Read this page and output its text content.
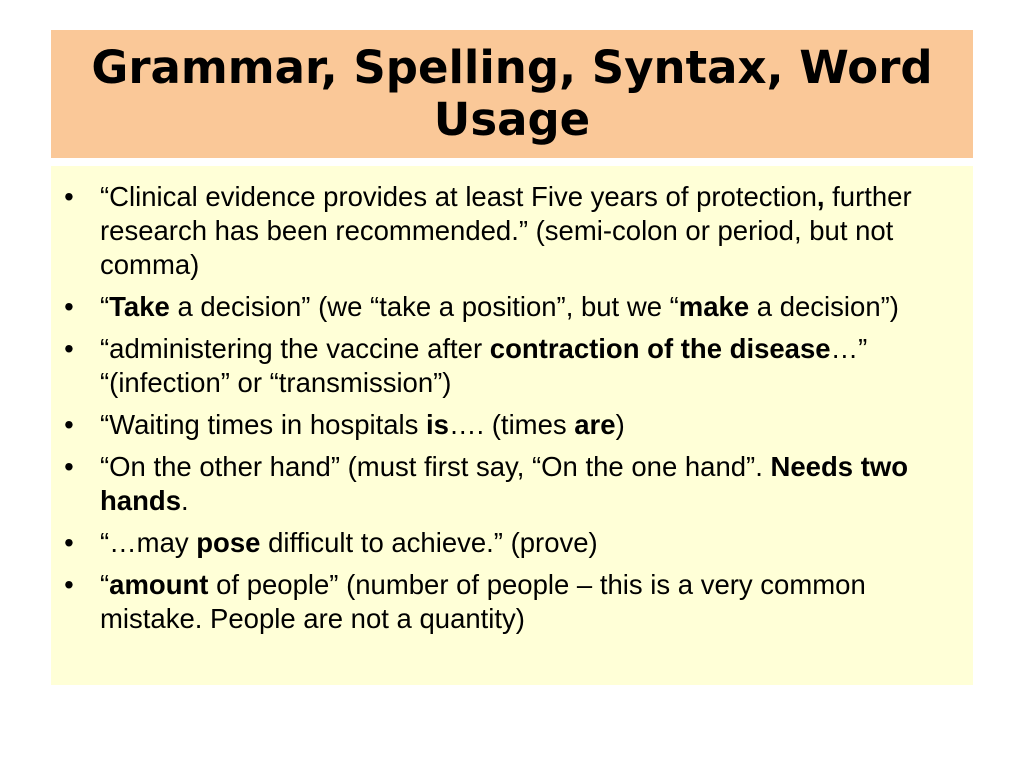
Grammar, Spelling, Syntax, Word Usage
• “Clinical evidence provides at least Five years of protection, further research has been recommended.” (semi-colon or period, but not comma)
• “Take a decision” (we “take a position”, but we “make a decision”)
• “administering the vaccine after contraction of the disease…” “(infection” or “transmission”)
• “Waiting times in hospitals is…. (times are)
• “On the other hand” (must first say, “On the one hand”. Needs two hands.
• “…may pose difficult to achieve.” (prove)
• “amount of people” (number of people – this is a very common mistake. People are not a quantity)
